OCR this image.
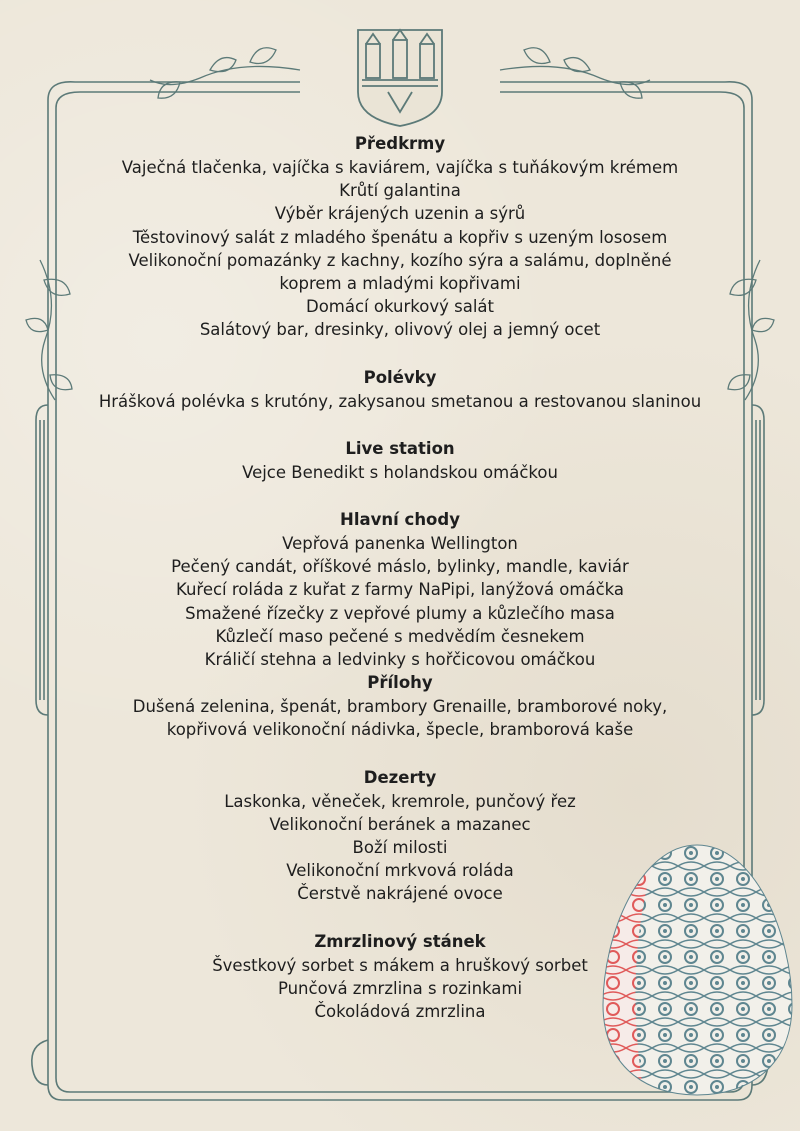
Předkrmy

Vaječná tlačenka, vajíčka s kaviárem, vajíčka s tuňákovým krémem

Krůtí galantina

Výběr krájených uzenin a sýrů

Těstovinový salát z mladého špenátu a kopřiv s uzeným lososem

Velikonoční pomazánky z kachny, kozího sýra a salámu, doplněné

koprem a mladými kopřivami

Domácí okurkový salát

Salátový bar, dresinky, olivový olej a jemný ocet

Polévky

Hrášková polévka s krutóny, zakysanou smetanou a restovanou slaninou

Live station

Vejce Benedikt s holandskou omáčkou

Hlavní chody

Vepřová panenka Wellington

Pečený candát, oříškové máslo, bylinky, mandle, kaviár

Kuřecí roláda z kuřat z farmy NaPipi, lanýžová omáčka

Smažené řízečky z vepřové plumy a kůzlečího masa

Kůzlečí maso pečené s medvědím česnekem

Králičí stehna a ledvinky s hořčicovou omáčkou

Přílohy

Dušená zelenina, špenát, brambory Grenaille, bramborové noky,

kopřivová velikonoční nádivka, špecle, bramborová kaše

Dezerty

Laskonka, věneček, kremrole, punčový řez

Velikonoční beránek a mazanec

Boží milosti

Velikonoční mrkvová roláda

Čerstvě nakrájené ovoce

Zmrzlinový stánek

Švestkový sorbet s mákem a hruškový sorbet

Punčová zmrzlina s rozinkami

Čokoládová zmrzlina
